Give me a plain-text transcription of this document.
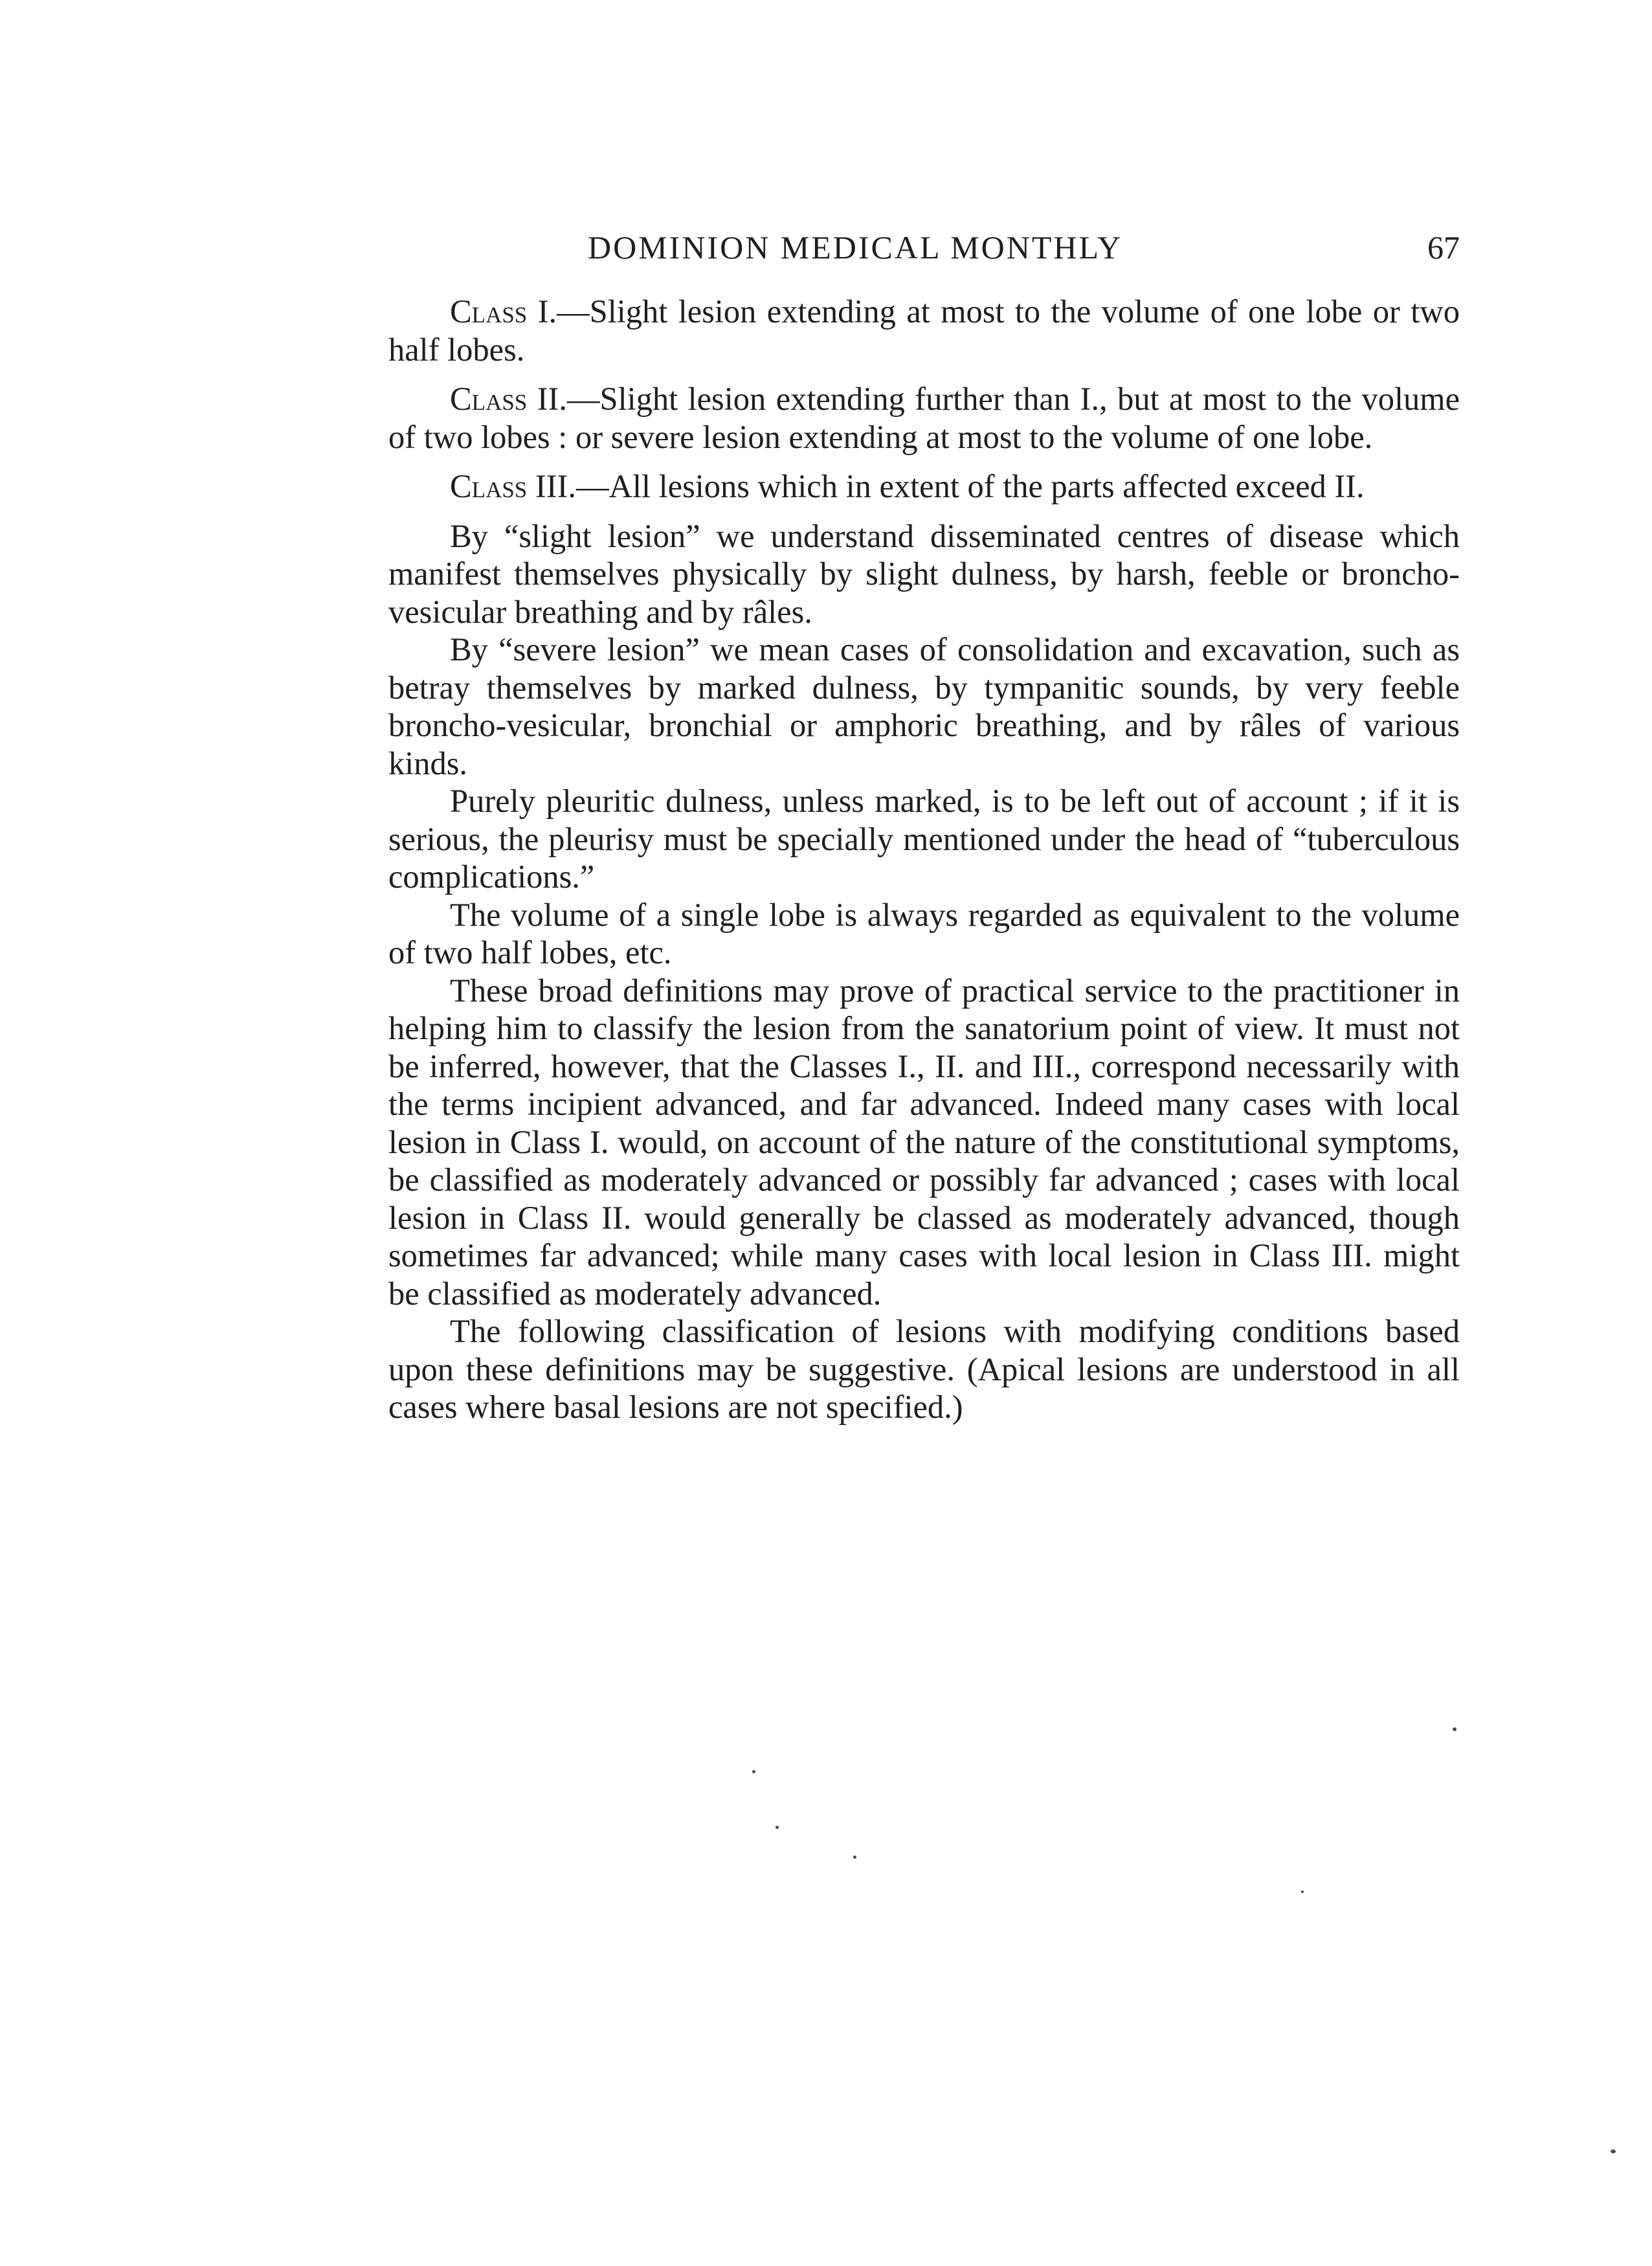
DOMINION MEDICAL MONTHLY	67

Class I.—Slight lesion extending at most to the volume of one lobe or two half lobes.

Class II.—Slight lesion extending further than I., but at most to the volume of two lobes : or severe lesion extending at most to the volume of one lobe.

Class III.—All lesions which in extent of the parts affected exceed II.

By “slight lesion” we understand disseminated centres of disease which manifest themselves physically by slight dulness, by harsh, feeble or broncho-vesicular breathing and by râles.

By “severe lesion” we mean cases of consolidation and excavation, such as betray themselves by marked dulness, by tympanitic sounds, by very feeble broncho-vesicular, bronchial or amphoric breathing, and by râles of various kinds.

Purely pleuritic dulness, unless marked, is to be left out of account ; if it is serious, the pleurisy must be specially mentioned under the head of “tuberculous complications.”

The volume of a single lobe is always regarded as equivalent to the volume of two half lobes, etc.

These broad definitions may prove of practical service to the practitioner in helping him to classify the lesion from the sanatorium point of view. It must not be inferred, however, that the Classes I., II. and III., correspond necessarily with the terms incipient advanced, and far advanced. Indeed many cases with local lesion in Class I. would, on account of the nature of the constitutional symptoms, be classified as moderately advanced or possibly far advanced ; cases with local lesion in Class II. would generally be classed as moderately advanced, though sometimes far advanced; while many cases with local lesion in Class III. might be classified as moderately advanced.

The following classification of lesions with modifying conditions based upon these definitions may be suggestive. (Apical lesions are understood in all cases where basal lesions are not specified.)
